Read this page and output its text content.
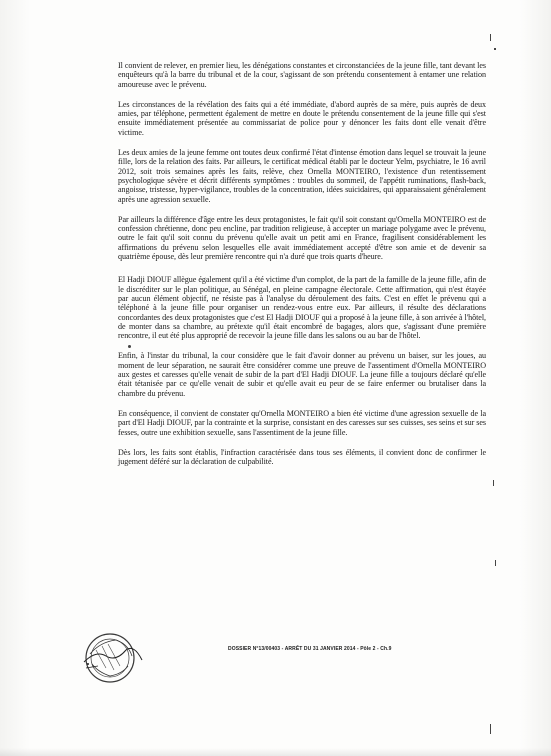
Il convient de relever, en premier lieu, les dénégations constantes et circonstanciées de la jeune fille, tant devant les enquêteurs qu'à la barre du tribunal et de la cour, s'agissant de son prétendu consentement à entamer une relation amoureuse avec le prévenu.

Les circonstances de la révélation des faits qui a été immédiate, d'abord auprès de sa mère, puis auprès de deux amies, par téléphone, permettent également de mettre en doute le prétendu consentement de la jeune fille qui s'est ensuite immédiatement présentée au commissariat de police pour y dénoncer les faits dont elle venait d'être victime.

Les deux amies de la jeune femme ont toutes deux confirmé l'état d'intense émotion dans lequel se trouvait la jeune fille, lors de la relation des faits. Par ailleurs, le certificat médical établi par le docteur Yelm, psychiatre, le 16 avril 2012, soit trois semaines après les faits, relève, chez Ornella MONTEIRO, l'existence d'un retentissement psychologique sévère et décrit différents symptômes : troubles du sommeil, de l'appétit ruminations, flash-back, angoisse, tristesse, hyper-vigilance, troubles de la concentration, idées suicidaires, qui apparaissaient généralement après une agression sexuelle.

Par ailleurs la différence d'âge entre les deux protagonistes, le fait qu'il soit constant qu'Ornella MONTEIRO est de confession chrétienne, donc peu encline, par tradition religieuse, à accepter un mariage polygame avec le prévenu, outre le fait qu'il soit connu du prévenu qu'elle avait un petit ami en France, fragilisent considérablement les affirmations du prévenu selon lesquelles elle avait immédiatement accepté d'être son amie et de devenir sa quatrième épouse, dès leur première rencontre qui n'a duré que trois quarts d'heure.

El Hadji DIOUF allègue également qu'il a été victime d'un complot, de la part de la famille de la jeune fille, afin de le discréditer sur le plan politique, au Sénégal, en pleine campagne électorale. Cette affirmation, qui n'est étayée par aucun élément objectif, ne résiste pas à l'analyse du déroulement des faits. C'est en effet le prévenu qui a téléphoné à la jeune fille pour organiser un rendez-vous entre eux. Par ailleurs, il résulte des déclarations concordantes des deux protagonistes que c'est El Hadji DIOUF qui a proposé à la jeune fille, à son arrivée à l'hôtel, de monter dans sa chambre, au prétexte qu'il était encombré de bagages, alors que, s'agissant d'une première rencontre, il eut été plus approprié de recevoir la jeune fille dans les salons ou au bar de l'hôtel.

Enfin, à l'instar du tribunal, la cour considère que le fait d'avoir donner au prévenu un baiser, sur les joues, au moment de leur séparation, ne saurait être considérer comme une preuve de l'assentiment d'Ornella MONTEIRO aux gestes et caresses qu'elle venait de subir de la part d'El Hadji DIOUF. La jeune fille a toujours déclaré qu'elle était tétanisée par ce qu'elle venait de subir et qu'elle avait eu peur de se faire enfermer ou brutaliser dans la chambre du prévenu.

En conséquence, il convient de constater qu'Ornella MONTEIRO a bien été victime d'une agression sexuelle de la part d'El Hadji DIOUF, par la contrainte et la surprise, consistant en des caresses sur ses cuisses, ses seins et sur ses fesses, outre une exhibition sexuelle, sans l'assentiment de la jeune fille.

Dès lors, les faits sont établis, l'infraction caractérisée dans tous ses éléments, il convient donc de confirmer le jugement déféré sur la déclaration de culpabilité.

DOSSIER N°13/00403 - ARRÊT DU 31 JANVIER 2014 - Pôle 2 - Ch.9
